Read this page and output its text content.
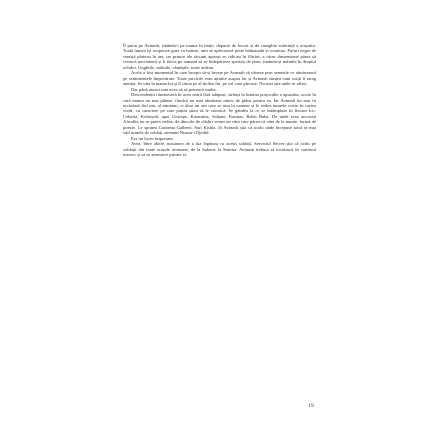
Îl purta pe Avinash, ținându-i pe mama în brațe, departe de focuri și de cumplita suferință a orașului. Toată lumea își acoperise gura cu batiste, unii se aplecaseră peste balustradă și vomitau. Pufuri negre de cenușă pluteau în aer, iar printre ele tăciuni aprinși se ridicau în flăcări, a căror dimensiune părea să crească necontenit și îi făcea pe oameni să se îndepărteze speriați de țărm, ținându-și mâinile în dreptul ochilor. Unghiile, mâinile, cămășile, toate ardeau.

Acela a fost momentul în care începu să-și învețe pe Avinash să vâneze prin semnele ce rămăseseră pe sentimentele împovărate. Toate privirile erau ațintite asupra lor și Avinash simțea cum sorții îi atrag atenția. Se uita la mama lui și îl căuta pe al doilea fiu, pe cel care plecase. Nu mai știa unde se aflau.

Dar până atunci mai avea să se petreacă multe.

Descendenții rămăseseră în acea seară fără adăpost, strânși la lumina porțocalie a apusului, acolo în care mama nu mai plânse, fiindcă nu mai rămăsese nimic de plâns pentru ea. Iar Avinash nu mai fu niciodată fiul mic al nimănui, ci doar un om care se uita la oameni și le vedea numele scrise în cartea vieții, cu caractere pe care puțini știau să le citească. Se gândea la ce se întâmplase în fiecare loc: Ceharia, Kolaryali, apoi Gostepe, Karantina, Sahane, Karatas, Bahri Baba. De unde erau ancorați Afrodita nu se putea vedea; de dincolo de clădiri venea un vânt care părea că vine de la munte, formă de poezie. Le spunea Cazarma Galberii, Sari Kishla. Și Avinash știa că acolo unde începuse totul se mai văd urmele de soldați otomani Nizam-i Djedid.

Era un lucru important.

Avea, între altele, misiunea de a lua legătura cu acești soldați. Serviciul Secret știa că ochii pe soldații din toate orașele otomane, de la Salonic la Smirna. Avinash trebuia să locuiască în cartierul turcesc și să se amestece printre ei.

19
